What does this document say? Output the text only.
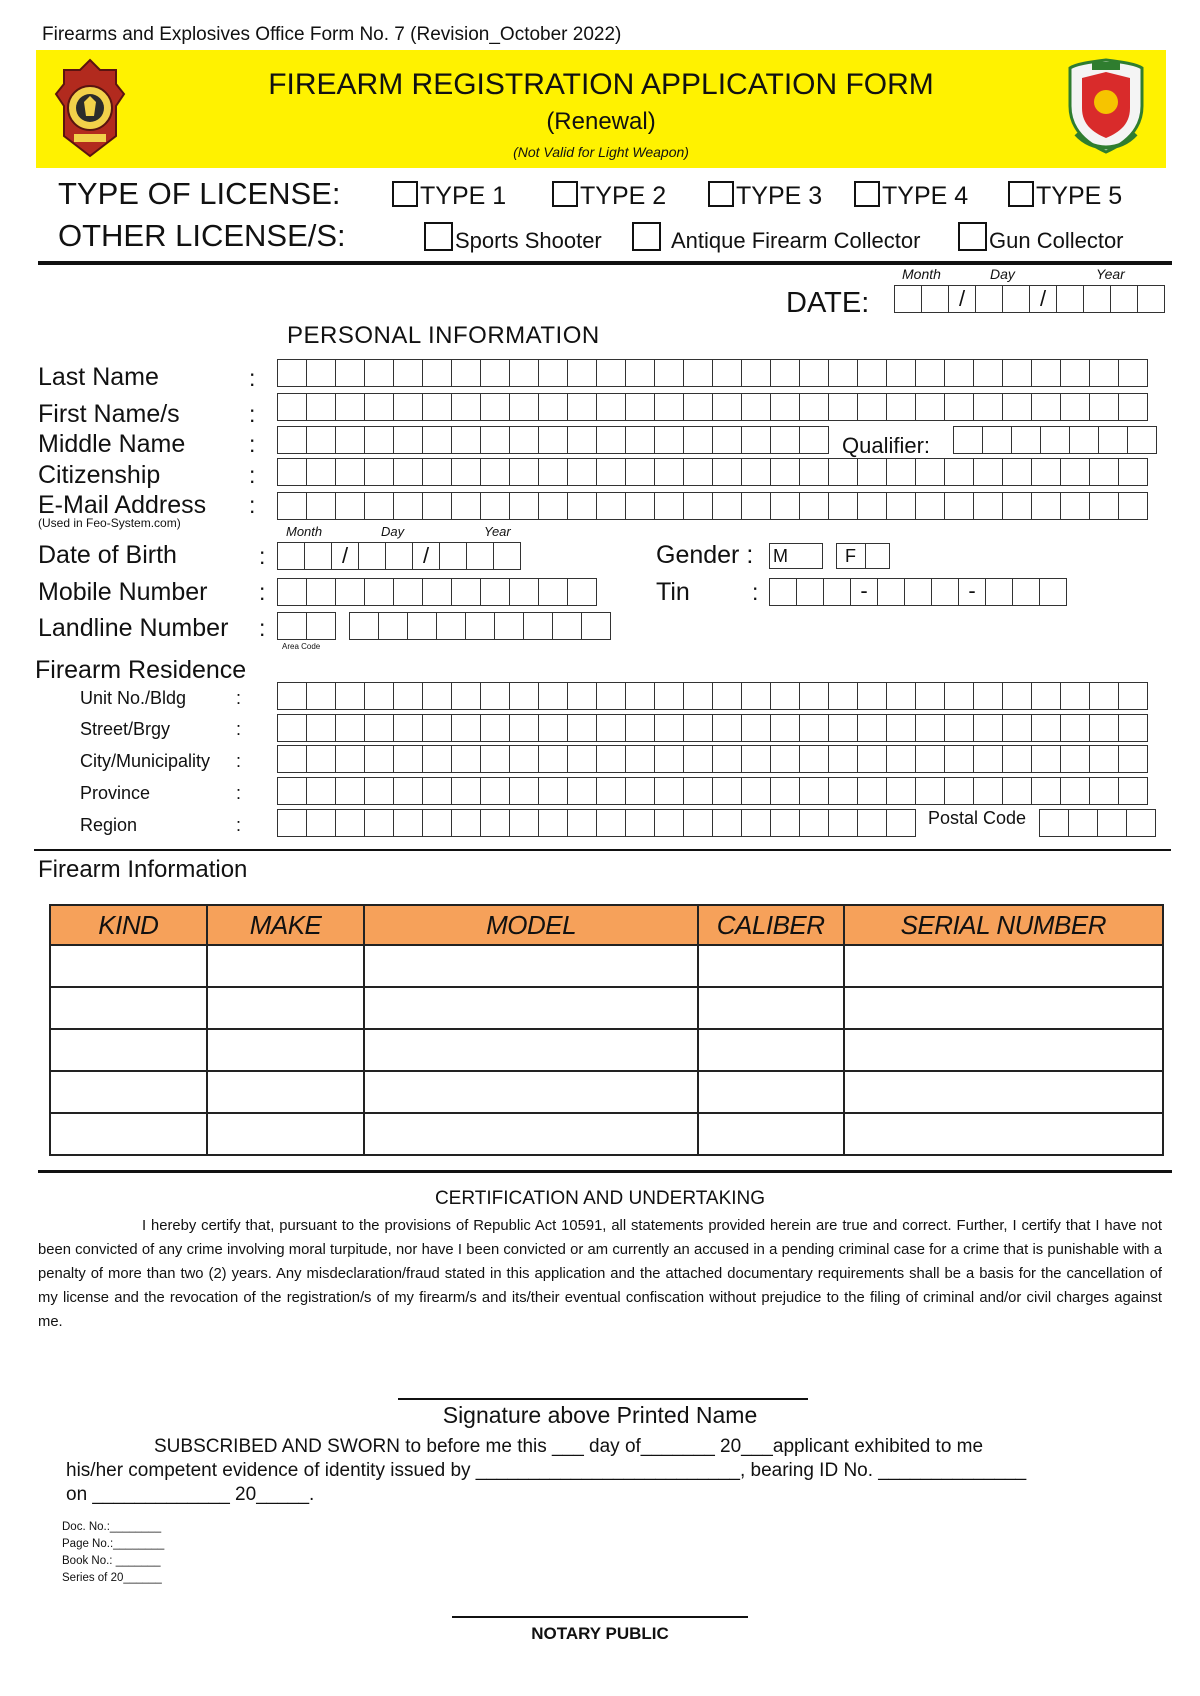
Firearms and Explosives Office Form No. 7 (Revision_October 2022)
FIREARM REGISTRATION APPLICATION FORM
(Renewal)
(Not Valid for Light Weapon)
TYPE OF LICENSE:	TYPE 1	TYPE 2	TYPE 3	TYPE 4	TYPE 5
OTHER LICENSE/S:	Sports Shooter	Antique Firearm Collector	Gun Collector
Month	Day	Year
DATE:	/	/
PERSONAL INFORMATION
Last Name	:
First Name/s	:
Middle Name	:	Qualifier:
Citizenship	:
E-Mail Address
(Used in Feo-System.com)
:
Month	Day	Year
Date of Birth	:	/	/	Gender : M	F
Mobile Number :	Tin	:	-	-
Landline Number :
Area Code
Firearm Residence
Unit No./Bldg	:
Street/Brgy	:
City/Municipality :
Province	:
Region	:	Postal Code
Firearm Information
KIND	MAKE	MODEL	CALIBER	SERIAL NUMBER

CERTIFICATION AND UNDERTAKING
I hereby certify that, pursuant to the provisions of Republic Act 10591, all statements provided herein are true and correct. Further, I certify that I have not been convicted of any crime involving moral turpitude, nor have I been convicted or am currently an accused in a pending criminal case for a crime that is punishable with a penalty of more than two (2) years. Any misdeclaration/fraud stated in this application and the attached documentary requirements shall be a basis for the cancellation of my license and the revocation of the registration/s of my firearm/s and its/their eventual confiscation without prejudice to the filing of criminal and/or civil charges against me.
Signature above Printed Name
SUBSCRIBED AND SWORN to before me this ___ day of_______ 20___applicant exhibited to me
his/her competent evidence of identity issued by _________________________, bearing ID No. ______________
on _____________ 20_____.
Doc. No.:________
Page No.:________
Book No.: _______
Series of 20______
NOTARY PUBLIC
